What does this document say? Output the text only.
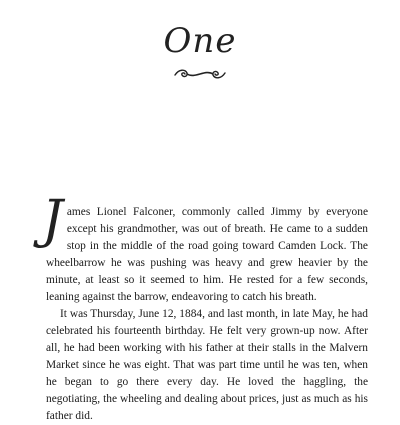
One

James Lionel Falconer, commonly called Jimmy by everyone except his grandmother, was out of breath. He came to a sudden stop in the middle of the road going toward Camden Lock. The wheelbarrow he was pushing was heavy and grew heavier by the minute, at least so it seemed to him. He rested for a few seconds, leaning against the barrow, endeavoring to catch his breath.

It was Thursday, June 12, 1884, and last month, in late May, he had celebrated his fourteenth birthday. He felt very grown-up now. After all, he had been working with his father at their stalls in the Malvern Market since he was eight. That was part time until he was ten, when he began to go there every day. He loved the haggling, the negotiating, the wheeling and dealing about prices, just as much as his father did.
